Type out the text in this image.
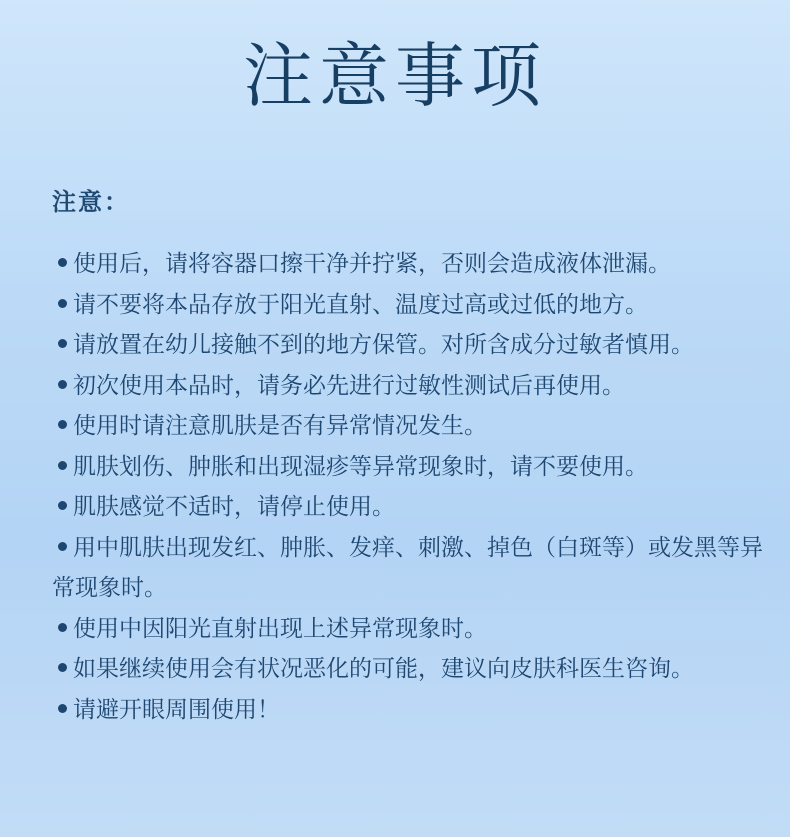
注意事项
注意：
使用后，请将容器口擦干净并拧紧，否则会造成液体泄漏。
请不要将本品存放于阳光直射、温度过高或过低的地方。
请放置在幼儿接触不到的地方保管。对所含成分过敏者慎用。
初次使用本品时，请务必先进行过敏性测试后再使用。
使用时请注意肌肤是否有异常情况发生。
肌肤划伤、肿胀和出现湿疹等异常现象时，请不要使用。
肌肤感觉不适时，请停止使用。
用中肌肤出现发红、肿胀、发痒、刺激、掉色（白斑等）或发黑等异常现象时。
使用中因阳光直射出现上述异常现象时。
如果继续使用会有状况恶化的可能，建议向皮肤科医生咨询。
请避开眼周围使用！
